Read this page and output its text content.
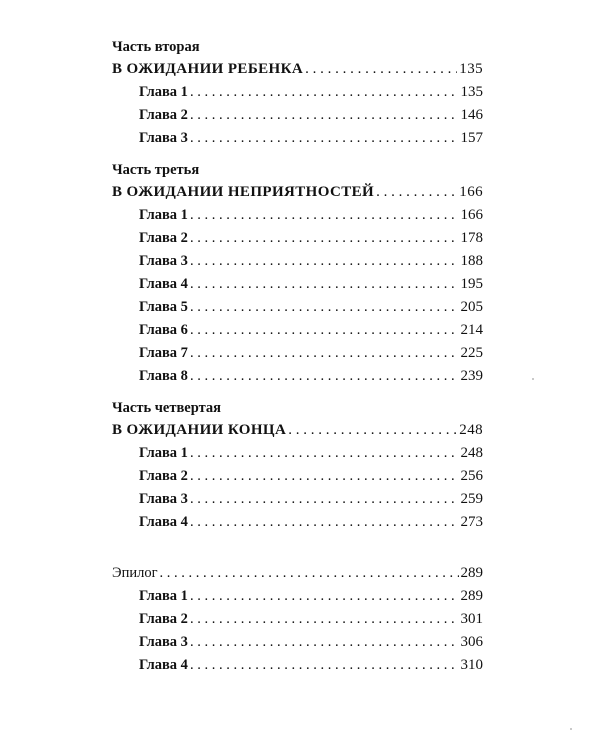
Часть вторая
В ОЖИДАНИИ РЕБЕНКА . . .	135
Глава 1 . . .	135
Глава 2 . . .	146
Глава 3 . . .	157
Часть третья
В ОЖИДАНИИ НЕПРИЯТНОСТЕЙ . . .	166
Глава 1 . . .	166
Глава 2 . . .	178
Глава 3 . . .	188
Глава 4 . . .	195
Глава 5 . . .	205
Глава 6 . . .	214
Глава 7 . . .	225
Глава 8 . . .	239
Часть четвертая
В ОЖИДАНИИ КОНЦА . . .	248
Глава 1 . . .	248
Глава 2 . . .	256
Глава 3 . . .	259
Глава 4 . . .	273
Эпилог . . .	289
Глава 1 . . .	289
Глава 2 . . .	301
Глава 3 . . .	306
Глава 4 . . .	310
